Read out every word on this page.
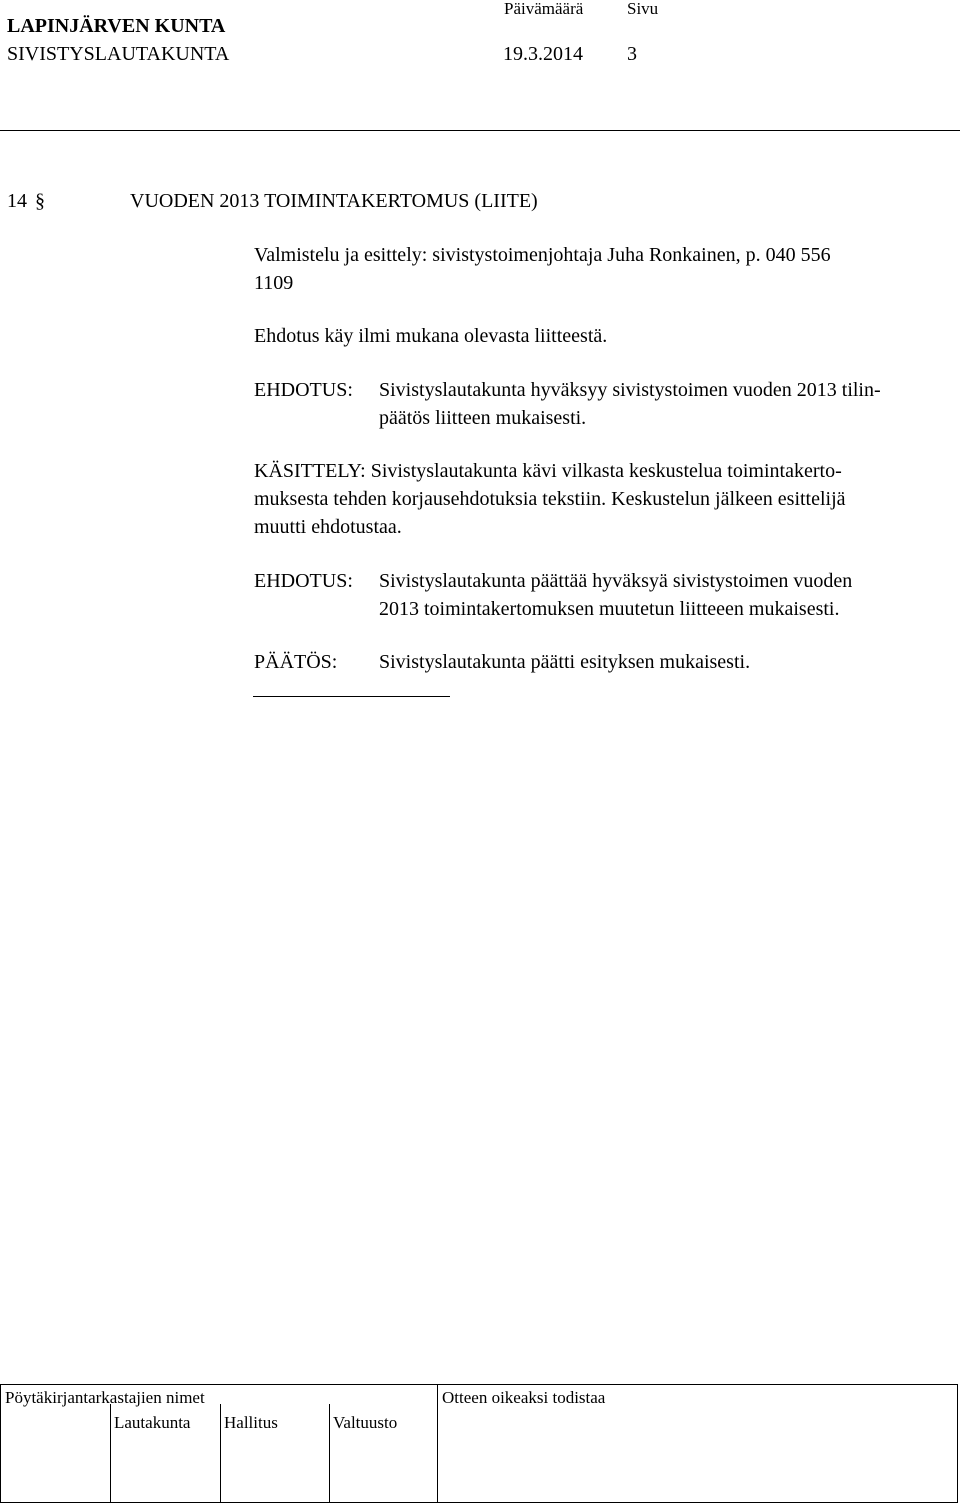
LAPINJÄRVEN KUNTA
SIVISTYSLAUTAKUNTA
Päivämäärä	Sivu
19.3.2014 3
14 §	VUODEN 2013 TOIMINTAKERTOMUS (LIITE)
Valmistelu ja esittely: sivistystoimenjohtaja Juha Ronkainen, p. 040 556
1109
Ehdotus käy ilmi mukana olevasta liitteestä.
EHDOTUS: Sivistyslautakunta hyväksyy sivistystoimen vuoden 2013 tilin-
päätös liitteen mukaisesti.
KÄSITTELY: Sivistyslautakunta kävi vilkasta keskustelua toimintakerto-
muksesta tehden korjausehdotuksia tekstiin. Keskustelun jälkeen esittelijä
muutti ehdotustaa.
EHDOTUS: Sivistyslautakunta päättää hyväksyä sivistystoimen vuoden
2013 toimintakertomuksen muutetun liitteeen mukaisesti.
PÄÄTÖS: Sivistyslautakunta päätti esityksen mukaisesti.
Pöytäkirjantarkastajien nimet	Otteen oikeaksi todistaa
Lautakunta Hallitus	Valtuusto
